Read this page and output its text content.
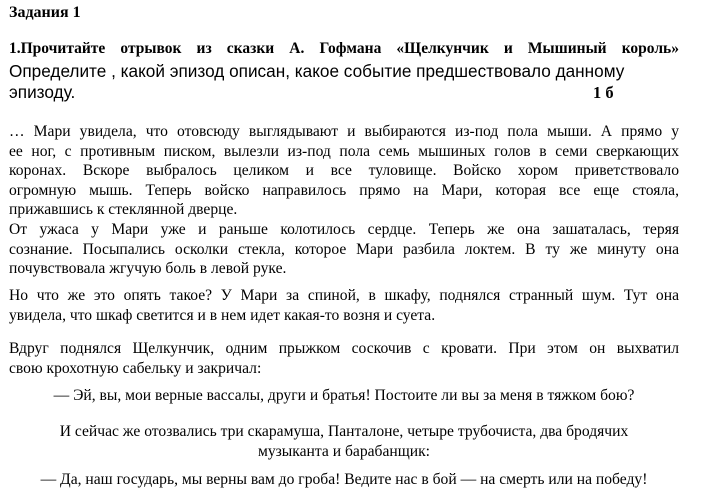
Задания 1
1.Прочитайте отрывок из сказки А. Гофмана «Щелкунчик и Мышиный король»
Определите , какой эпизод описан, какое событие предшествовало данному
эпизоду.	1 б
… Мари увидела, что отовсюду выглядывают и выбираются из-под пола мыши. А прямо у
ее ног, с противным писком, вылезли из-под пола семь мышиных голов в семи сверкающих
коронах. Вскоре выбралось целиком и все туловище. Войско хором приветствовало
огромную мышь. Теперь войско направилось прямо на Мари, которая все еще стояла,
прижавшись к стеклянной дверце.
От ужаса у Мари уже и раньше колотилось сердце. Теперь же она зашаталась, теряя
сознание. Посыпались осколки стекла, которое Мари разбила локтем. В ту же минуту она
почувствовала жгучую боль в левой руке.
Но что же это опять такое? У Мари за спиной, в шкафу, поднялся странный шум. Тут она
увидела, что шкаф светится и в нем идет какая-то возня и суета.
Вдруг поднялся Щелкунчик, одним прыжком соскочив с кровати. При этом он выхватил
свою крохотную сабельку и закричал:
— Эй, вы, мои верные вассалы, други и братья! Постоите ли вы за меня в тяжком бою?
И сейчас же отозвались три скарамуша, Панталоне, четыре трубочиста, два бродячих
музыканта и барабанщик:
— Да, наш государь, мы верны вам до гроба! Ведите нас в бой — на смерть или на победу!
